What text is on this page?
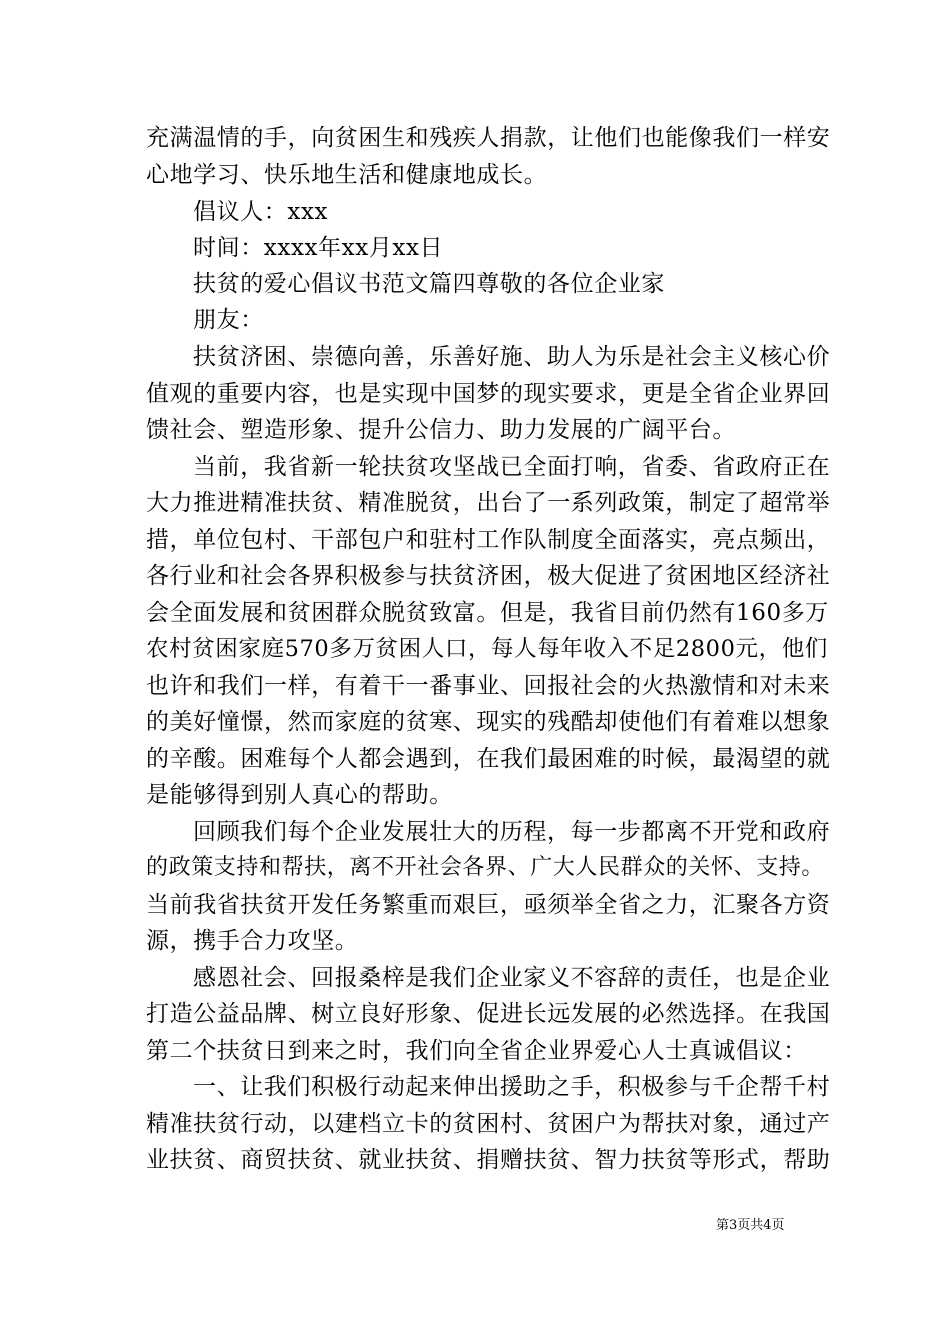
充满温情的手，向贫困生和残疾人捐款，让他们也能像我们一样安
心地学习、快乐地生活和健康地成长。
倡议人：xxx
时间：xxxx年xx月xx日
扶贫的爱心倡议书范文篇四尊敬的各位企业家
朋友：
扶贫济困、崇德向善，乐善好施、助人为乐是社会主义核心价
值观的重要内容，也是实现中国梦的现实要求，更是全省企业界回
馈社会、塑造形象、提升公信力、助力发展的广阔平台。
当前，我省新一轮扶贫攻坚战已全面打响，省委、省政府正在
大力推进精准扶贫、精准脱贫，出台了一系列政策，制定了超常举
措，单位包村、干部包户和驻村工作队制度全面落实，亮点频出，
各行业和社会各界积极参与扶贫济困，极大促进了贫困地区经济社
会全面发展和贫困群众脱贫致富。但是，我省目前仍然有160多万
农村贫困家庭570多万贫困人口，每人每年收入不足2800元，他们
也许和我们一样，有着干一番事业、回报社会的火热激情和对未来
的美好憧憬，然而家庭的贫寒、现实的残酷却使他们有着难以想象
的辛酸。困难每个人都会遇到，在我们最困难的时候，最渴望的就
是能够得到别人真心的帮助。
回顾我们每个企业发展壮大的历程，每一步都离不开党和政府
的政策支持和帮扶，离不开社会各界、广大人民群众的关怀、支持。
当前我省扶贫开发任务繁重而艰巨，亟须举全省之力，汇聚各方资
源，携手合力攻坚。
感恩社会、回报桑梓是我们企业家义不容辞的责任，也是企业
打造公益品牌、树立良好形象、促进长远发展的必然选择。在我国
第二个扶贫日到来之时，我们向全省企业界爱心人士真诚倡议：
一、让我们积极行动起来伸出援助之手，积极参与千企帮千村
精准扶贫行动，以建档立卡的贫困村、贫困户为帮扶对象，通过产
业扶贫、商贸扶贫、就业扶贫、捐赠扶贫、智力扶贫等形式，帮助
第3页共4页
